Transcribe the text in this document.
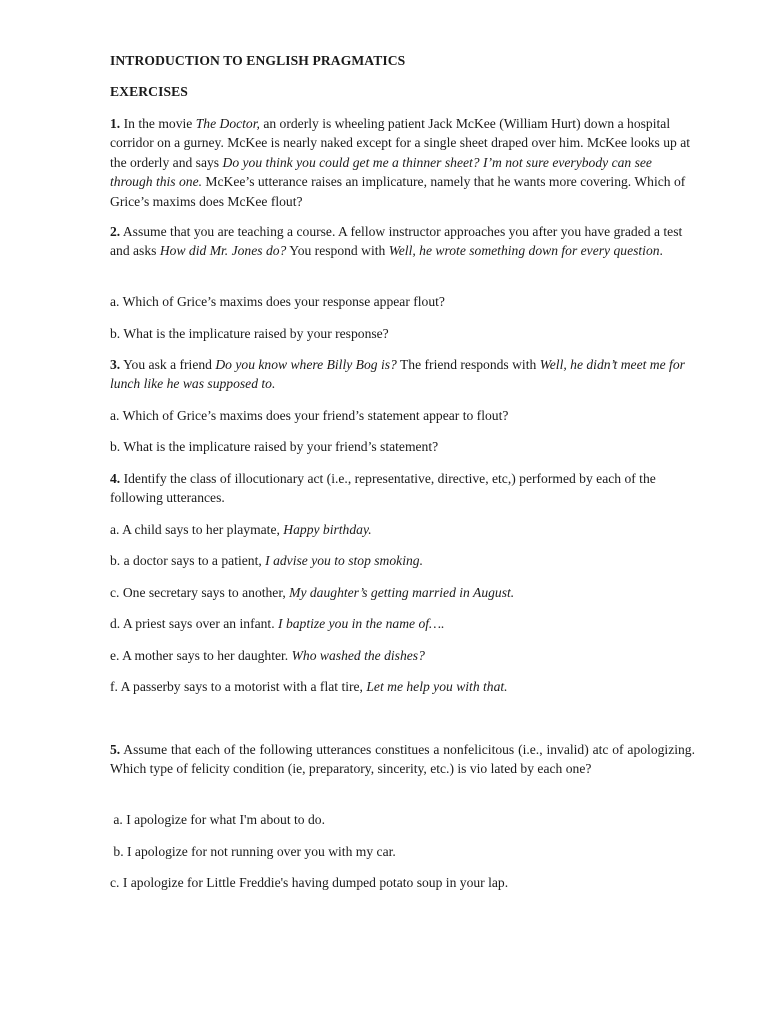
INTRODUCTION TO ENGLISH PRAGMATICS
EXERCISES
1. In the movie The Doctor, an orderly is wheeling patient Jack McKee (William Hurt) down a hospital corridor on a gurney. McKee is nearly naked except for a single sheet draped over him. McKee looks up at the orderly and says Do you think you could get me a thinner sheet? I’m not sure everybody can see through this one. McKee’s utterance raises an implicature, namely that he wants more covering. Which of Grice’s maxims does McKee flout?
2. Assume that you are teaching a course. A fellow instructor approaches you after you have graded a test and asks How did Mr. Jones do? You respond with Well, he wrote something down for every question.
a. Which of Grice’s maxims does your response appear flout?
b. What is the implicature raised by your response?
3. You ask a friend Do you know where Billy Bog is? The friend responds with Well, he didn’t meet me for lunch like he was supposed to.
a. Which of Grice’s maxims does your friend’s statement appear to flout?
b. What is the implicature raised by your friend’s statement?
4. Identify the class of illocutionary act (i.e., representative, directive, etc,) performed by each of the following utterances.
a. A child says to her playmate, Happy birthday.
b. a doctor says to a patient, I advise you to stop smoking.
c. One secretary says to another, My daughter’s getting married in August.
d. A priest says over an infant. I baptize you in the name of….
e. A mother says to her daughter. Who washed the dishes?
f. A passerby says to a motorist with a flat tire, Let me help you with that.
5. Assume that each of the following utterances constitues a nonfelicitous (i.e., invalid) atc of apologizing. Which type of felicity condition (ie, preparatory, sincerity, etc.) is vio lated by each one?
a. I apologize for what I'm about to do.
b. I apologize for not running over you with my car.
c. I apologize for Little Freddie's having dumped potato soup in your lap.
